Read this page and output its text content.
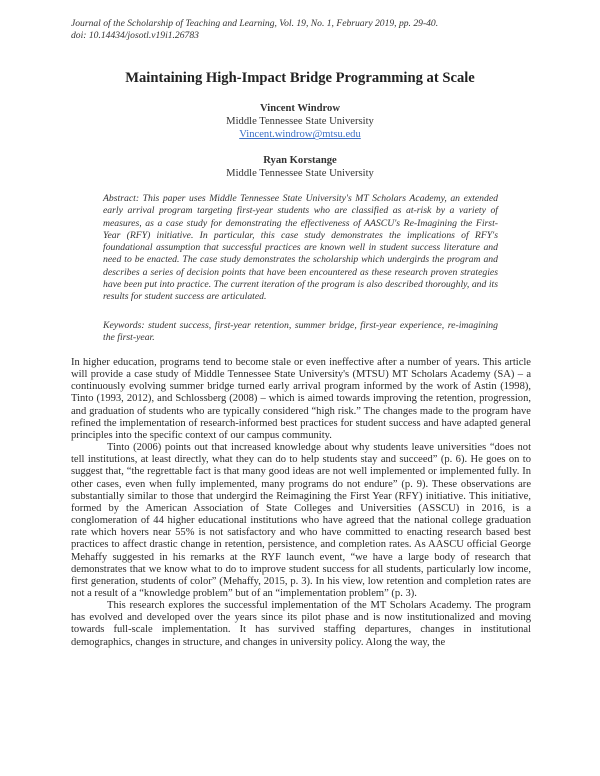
Journal of the Scholarship of Teaching and Learning, Vol. 19, No. 1, February 2019, pp. 29-40.
doi: 10.14434/josotl.v19i1.26783
Maintaining High-Impact Bridge Programming at Scale
Vincent Windrow
Middle Tennessee State University
Vincent.windrow@mtsu.edu
Ryan Korstange
Middle Tennessee State University
Abstract: This paper uses Middle Tennessee State University's MT Scholars Academy, an extended early arrival program targeting first-year students who are classified as at-risk by a variety of measures, as a case study for demonstrating the effectiveness of AASCU's Re-Imagining the First-Year (RFY) initiative. In particular, this case study demonstrates the implications of RFY's foundational assumption that successful practices are known well in student success literature and need to be enacted. The case study demonstrates the scholarship which undergirds the program and describes a series of decision points that have been encountered as these research proven strategies have been put into practice. The current iteration of the program is also described thoroughly, and its results for student success are articulated.
Keywords: student success, first-year retention, summer bridge, first-year experience, re-imagining the first-year.

In higher education, programs tend to become stale or even ineffective after a number of years. This article will provide a case study of Middle Tennessee State University's (MTSU) MT Scholars Academy (SA) – a continuously evolving summer bridge turned early arrival program informed by the work of Astin (1998), Tinto (1993, 2012), and Schlossberg (2008) – which is aimed towards improving the retention, progression, and graduation of students who are typically considered “high risk.” The changes made to the program have refined the implementation of research-informed best practices for student success and have adapted general principles into the specific context of our campus community.

Tinto (2006) points out that increased knowledge about why students leave universities “does not tell institutions, at least directly, what they can do to help students stay and succeed” (p. 6). He goes on to suggest that, “the regrettable fact is that many good ideas are not well implemented or implemented fully. In other cases, even when fully implemented, many programs do not endure” (p. 9). These observations are substantially similar to those that undergird the Reimagining the First Year (RFY) initiative. This initiative, formed by the American Association of State Colleges and Universities (ASSCU) in 2016, is a conglomeration of 44 higher educational institutions who have agreed that the national college graduation rate which hovers near 55% is not satisfactory and who have committed to enacting research based best practices to affect drastic change in retention, persistence, and completion rates. As AASCU official George Mehaffy suggested in his remarks at the RYF launch event, “we have a large body of research that demonstrates that we know what to do to improve student success for all students, particularly low income, first generation, students of color” (Mehaffy, 2015, p. 3). In his view, low retention and completion rates are not a result of a “knowledge problem” but of an “implementation problem” (p. 3).

This research explores the successful implementation of the MT Scholars Academy. The program has evolved and developed over the years since its pilot phase and is now institutionalized and moving towards full-scale implementation. It has survived staffing departures, changes in institutional demographics, changes in structure, and changes in university policy. Along the way, the
